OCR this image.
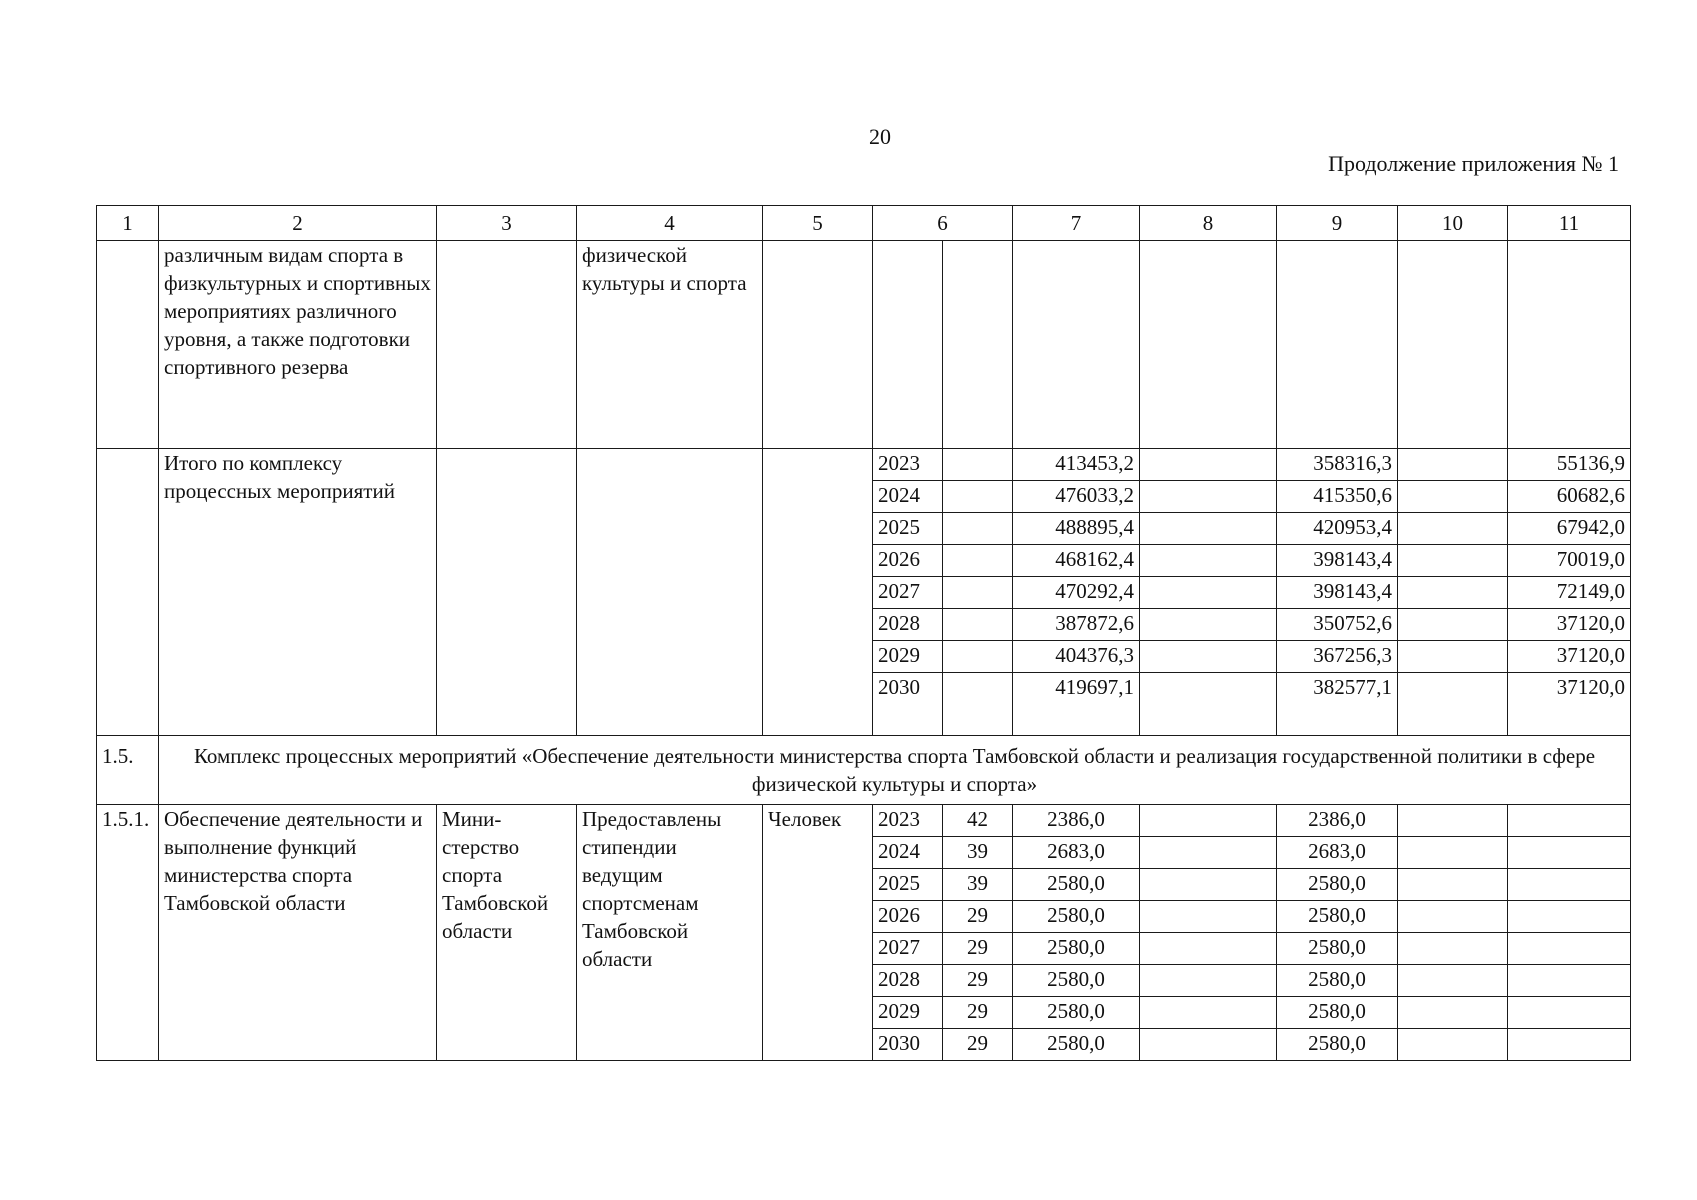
20
Продолжение приложения № 1
1	2	3	4	5	6		7	8	9	10	11
	различным видам спорта в физкультурных и спортивных мероприятиях различного уровня, а также подготовки спортивного резерва		физической культуры и спорта								
	Итого по комплексу процессных мероприятий				2023		413453,2		358316,3		55136,9
					2024		476033,2		415350,6		60682,6
					2025		488895,4		420953,4		67942,0
					2026		468162,4		398143,4		70019,0
					2027		470292,4		398143,4		72149,0
					2028		387872,6		350752,6		37120,0
					2029		404376,3		367256,3		37120,0
					2030		419697,1		382577,1		37120,0
1.5.	Комплекс процессных мероприятий «Обеспечение деятельности министерства спорта Тамбовской области и реализация государственной политики в сфере физической культуры и спорта»										
1.5.1.	Обеспечение деятельности и выполнение функций министерства спорта Тамбовской области	Мини-стерство спорта Тамбовской области	Предоставлены стипендии ведущим спортсменам Тамбовской области	Человек	2023	42	2386,0		2386,0		
					2024	39	2683,0		2683,0		
					2025	39	2580,0		2580,0		
					2026	29	2580,0		2580,0		
					2027	29	2580,0		2580,0		
					2028	29	2580,0		2580,0		
					2029	29	2580,0		2580,0		
					2030	29	2580,0		2580,0		
